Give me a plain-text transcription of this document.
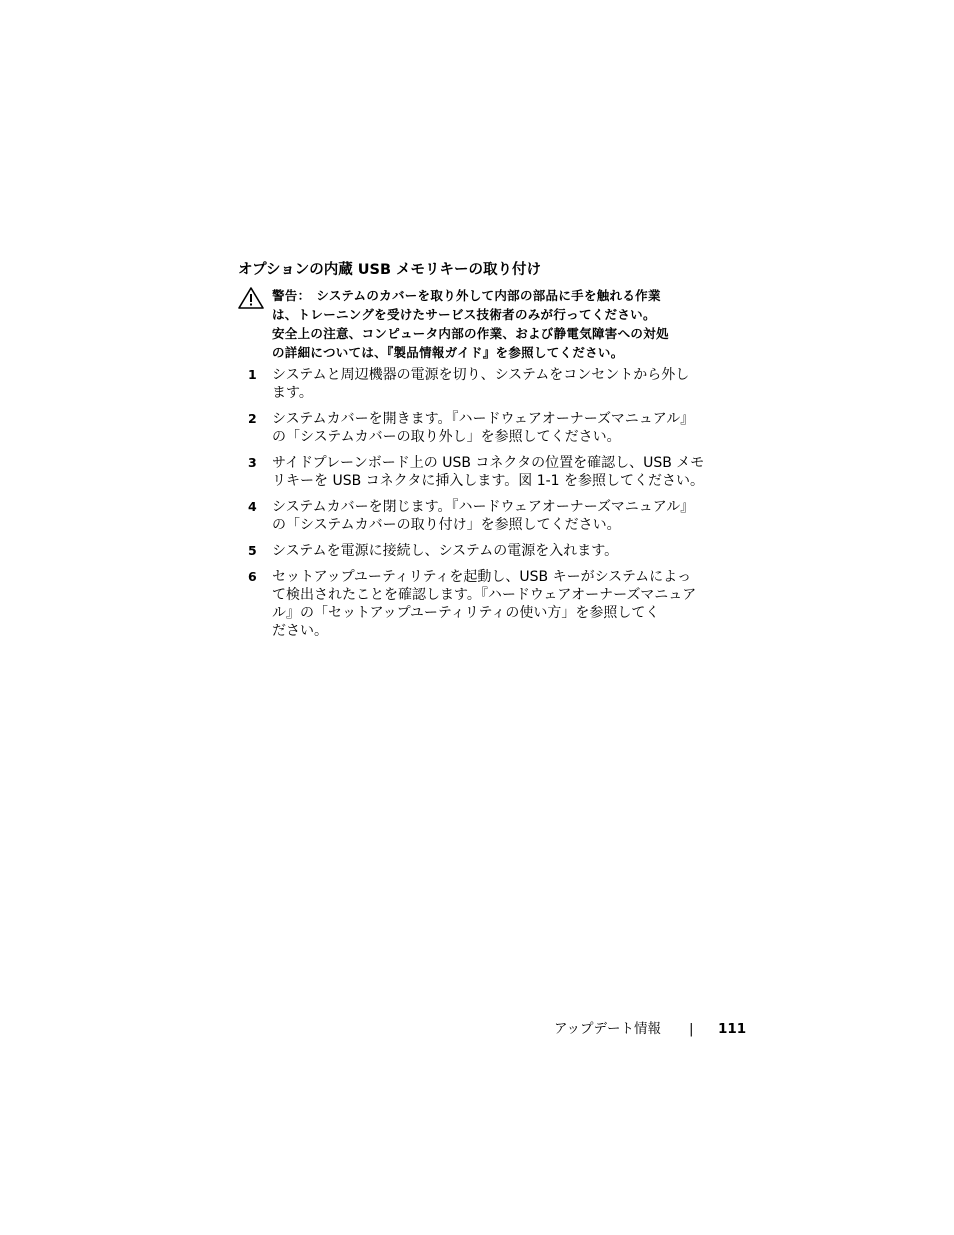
オプションの内蔵 USB メモリキーの取り付け
警告： システムのカバーを取り外して内部の部品に手を触れる作業
は、トレーニングを受けたサービス技術者のみが行ってください。
安全上の注意、コンピュータ内部の作業、および静電気障害への対処
の詳細については、『製品情報ガイド』を参照してください。
1 システムと周辺機器の電源を切り、システムをコンセントから外し
ます。
2 システムカバーを開きます。『ハードウェアオーナーズマニュアル』
の「システムカバーの取り外し」を参照してください。
3 サイドプレーンボード上の USB コネクタの位置を確認し、USB メモ
リキーを USB コネクタに挿入します。図 1-1 を参照してください。
4 システムカバーを閉じます。『ハードウェアオーナーズマニュアル』
の「システムカバーの取り付け」を参照してください。
5 システムを電源に接続し、システムの電源を入れます。
6 セットアップユーティリティを起動し、USB キーがシステムによっ
て検出されたことを確認します。『ハードウェアオーナーズマニュア
ル』の「セットアップユーティリティの使い方」を参照してく
ださい。
アップデート情報 | 111
